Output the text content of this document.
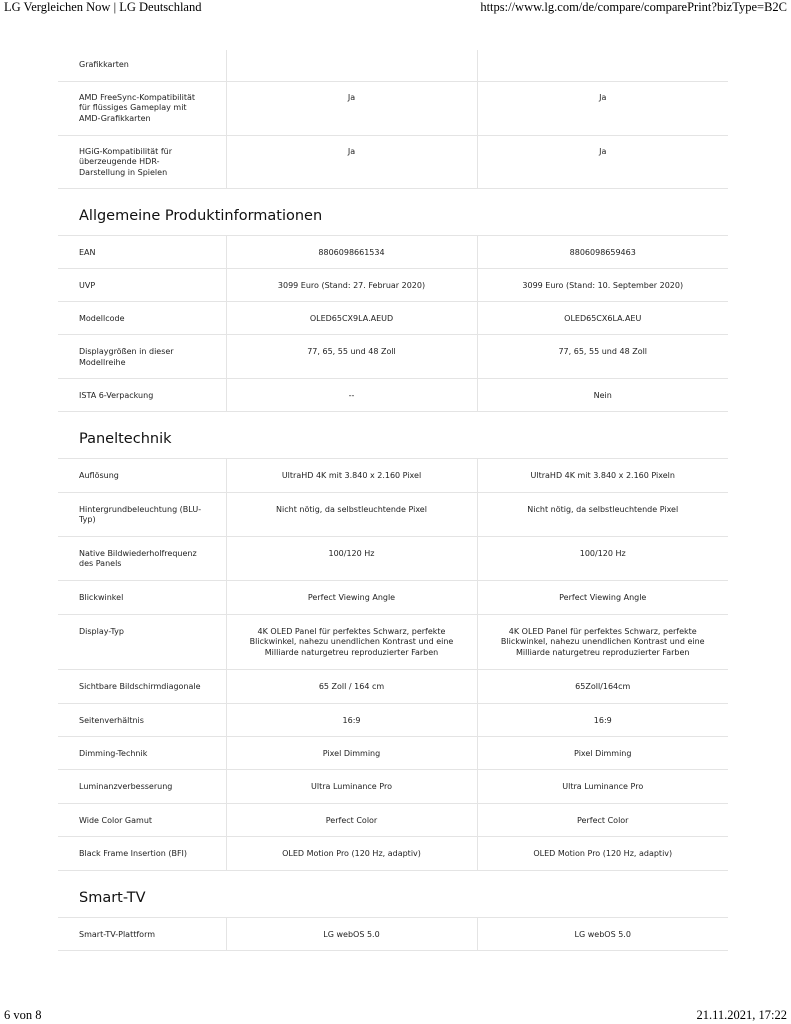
LG Vergleichen Now | LG Deutschland	https://www.lg.com/de/compare/comparePrint?bizType=B2C
Grafikkarten		
AMD FreeSync-Kompatibilität für flüssiges Gameplay mit AMD-Grafikkarten	Ja	Ja
HGiG-Kompatibilität für überzeugende HDR-Darstellung in Spielen	Ja	Ja
Allgemeine Produktinformationen
EAN	8806098661534	8806098659463
UVP	3099 Euro (Stand: 27. Februar 2020)	3099 Euro (Stand: 10. September 2020)
Modellcode	OLED65CX9LA.AEUD	OLED65CX6LA.AEU
Displaygrößen in dieser Modellreihe	77, 65, 55 und 48 Zoll	77, 65, 55 und 48 Zoll
ISTA 6-Verpackung	--	Nein
Paneltechnik
Auflösung	UltraHD 4K mit 3.840 x 2.160 Pixel	UltraHD 4K mit 3.840 x 2.160 Pixeln
Hintergrundbeleuchtung (BLU-Typ)	Nicht nötig, da selbstleuchtende Pixel	Nicht nötig, da selbstleuchtende Pixel
Native Bildwiederholfrequenz des Panels	100/120 Hz	100/120 Hz
Blickwinkel	Perfect Viewing Angle	Perfect Viewing Angle
Display-Typ	4K OLED Panel für perfektes Schwarz, perfekte Blickwinkel, nahezu unendlichen Kontrast und eine Milliarde naturgetreu reproduzierter Farben	4K OLED Panel für perfektes Schwarz, perfekte Blickwinkel, nahezu unendlichen Kontrast und eine Milliarde naturgetreu reproduzierter Farben
Sichtbare Bildschirmdiagonale	65 Zoll / 164 cm	65Zoll/164cm
Seitenverhältnis	16:9	16:9
Dimming-Technik	Pixel Dimming	Pixel Dimming
Luminanzverbesserung	Ultra Luminance Pro	Ultra Luminance Pro
Wide Color Gamut	Perfect Color	Perfect Color
Black Frame Insertion (BFI)	OLED Motion Pro (120 Hz, adaptiv)	OLED Motion Pro (120 Hz, adaptiv)
Smart-TV
Smart-TV-Plattform	LG webOS 5.0	LG webOS 5.0
6 von 8	21.11.2021, 17:22
